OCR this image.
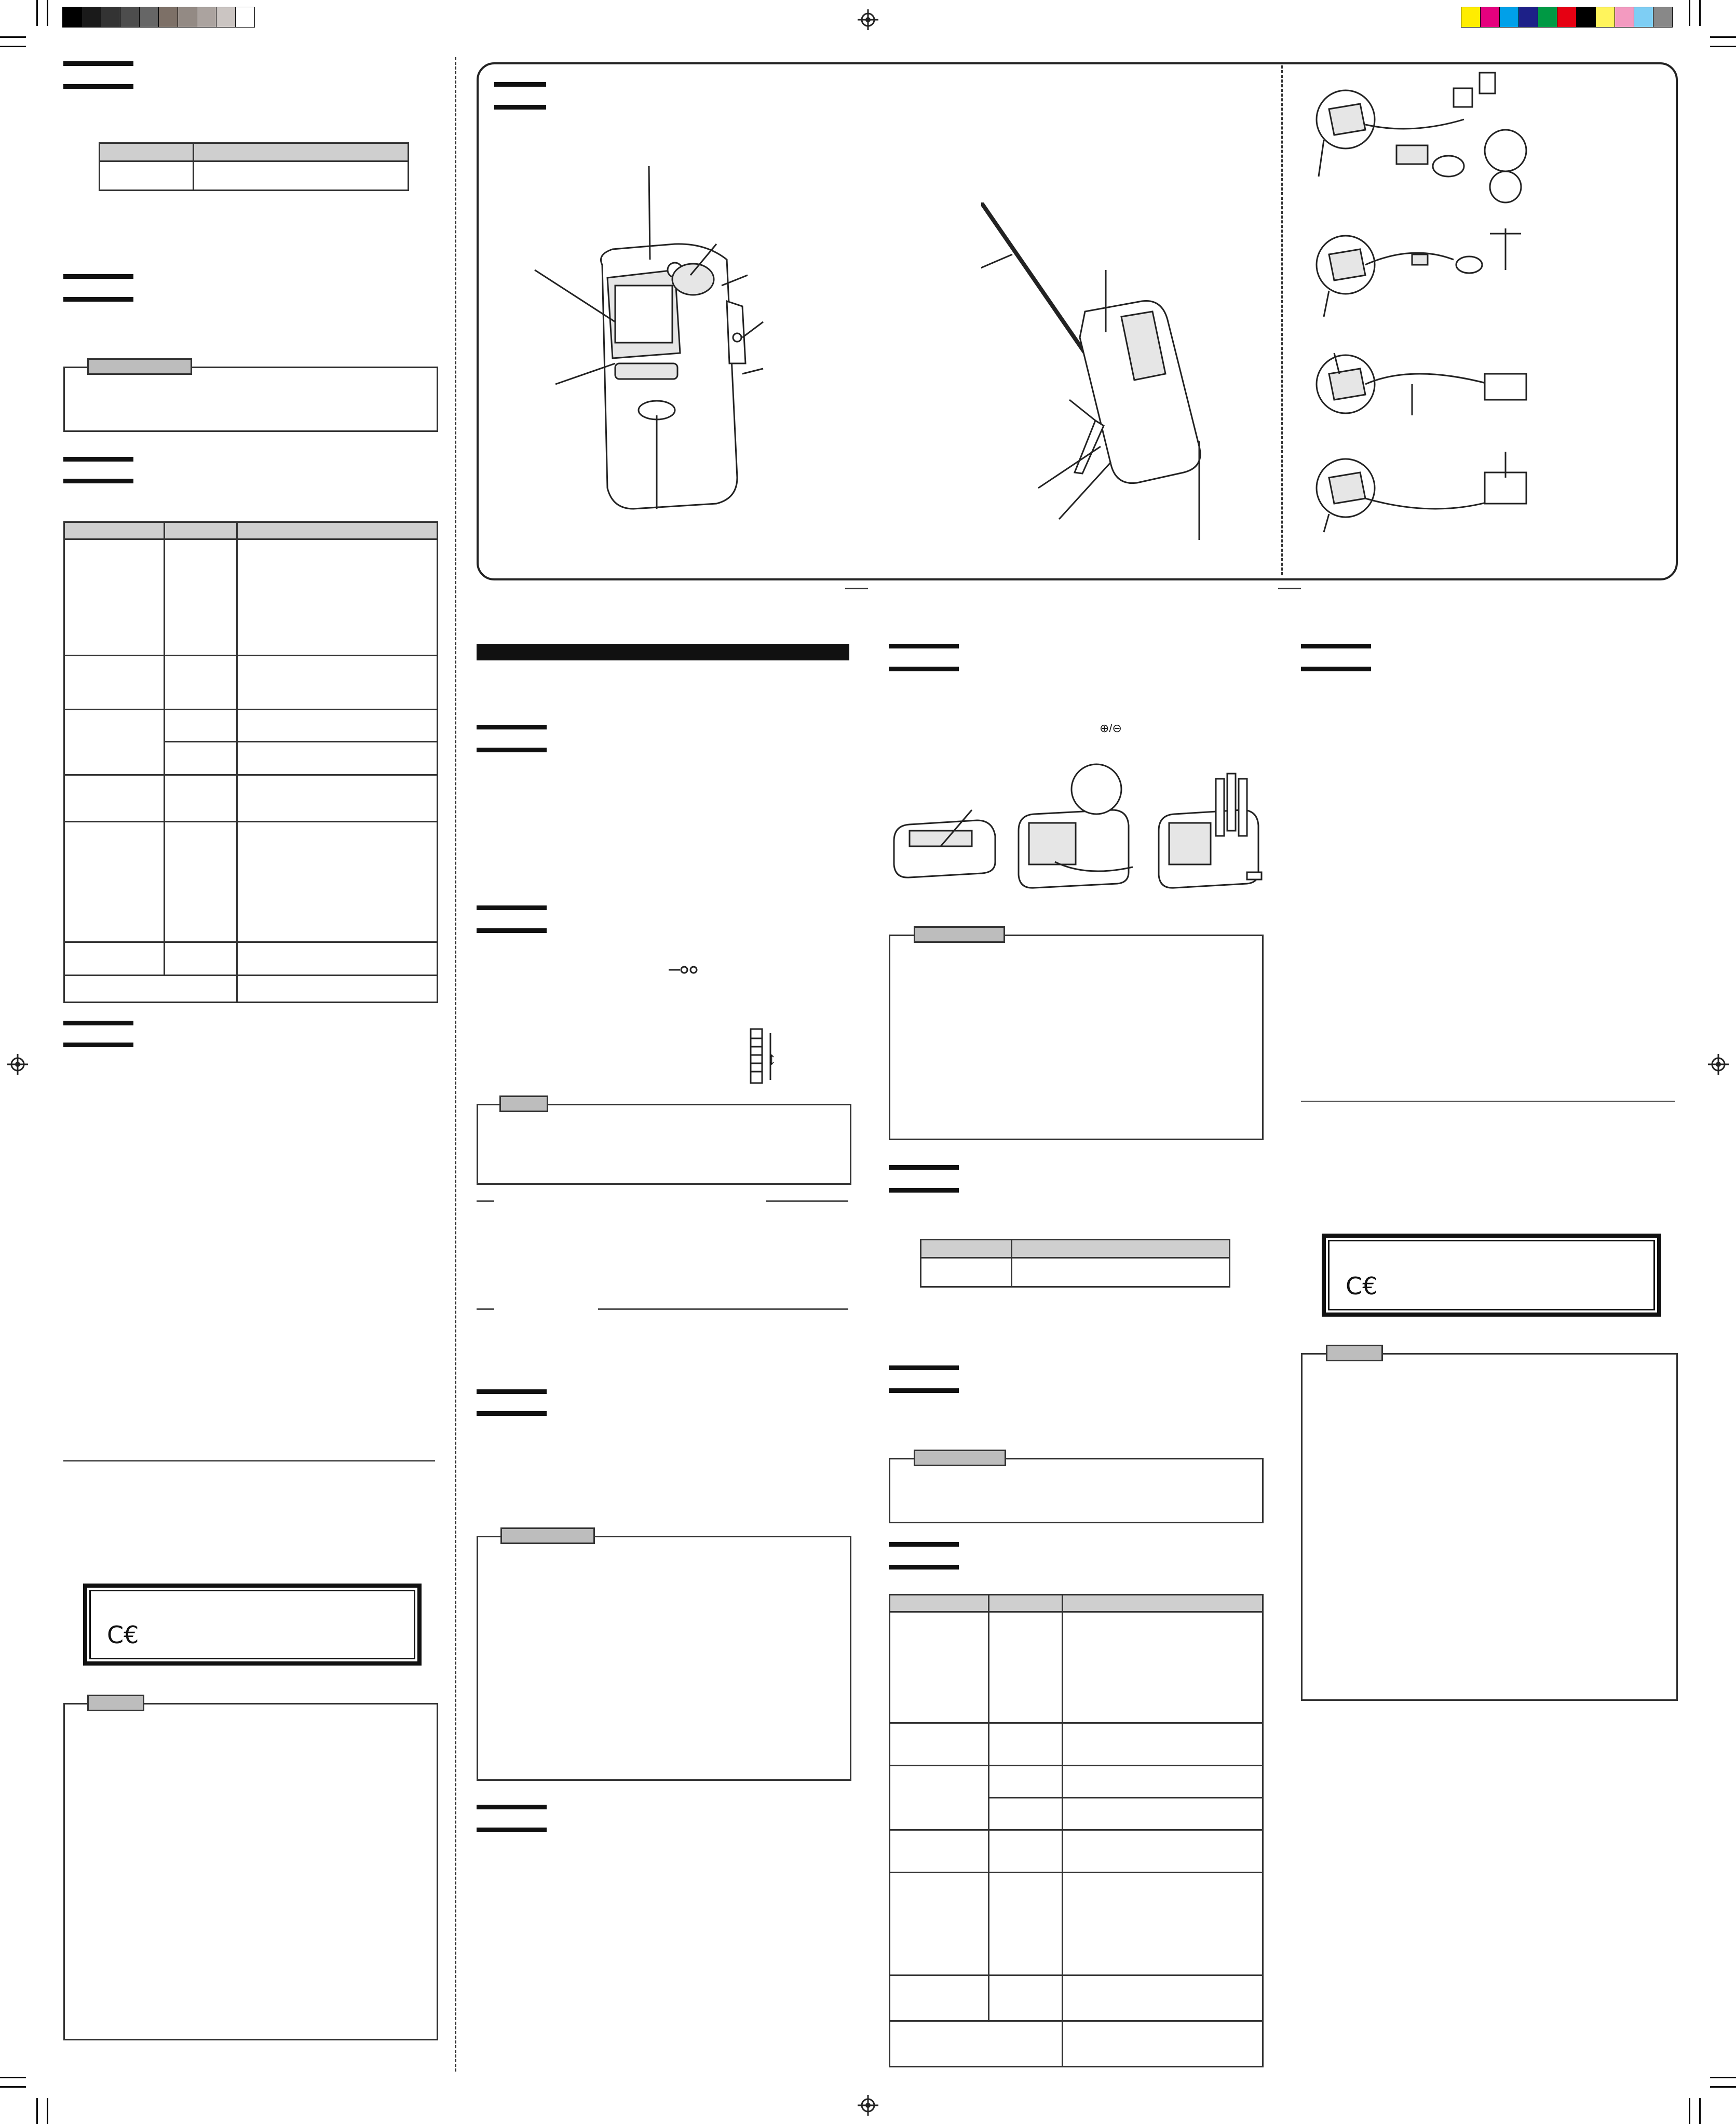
C€
↕
⊕/⊖
C€
